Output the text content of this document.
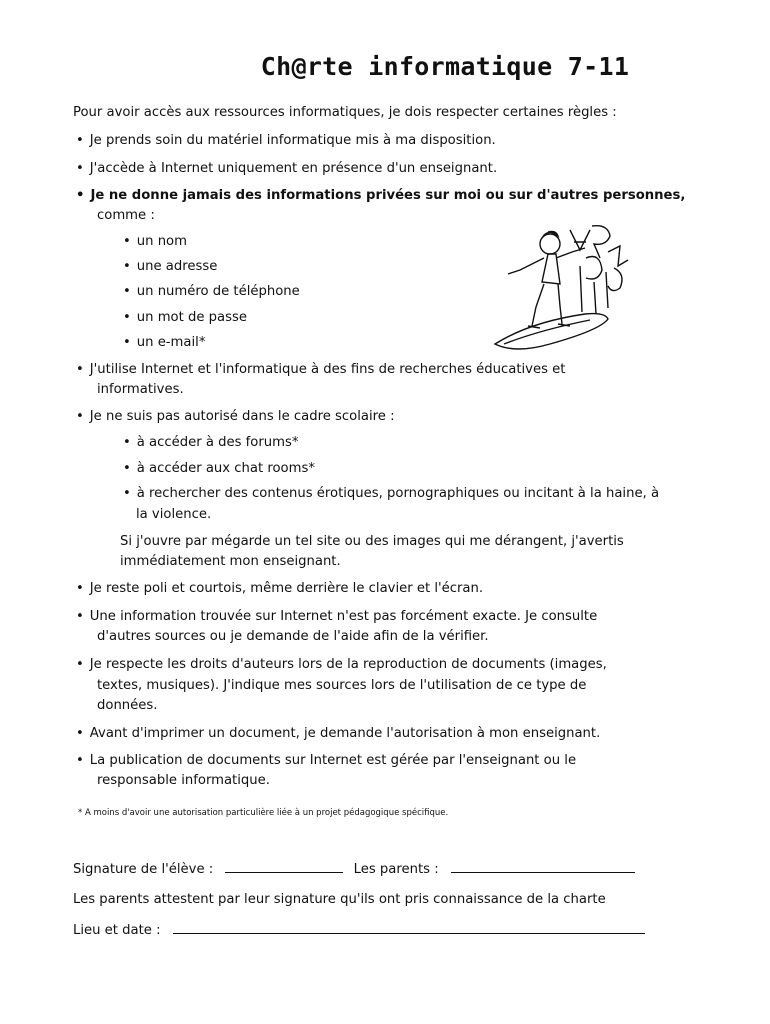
Ch@rte informatique 7-11
Pour avoir accès aux ressources informatiques, je dois respecter certaines règles :
• Je prends soin du matériel informatique mis à ma disposition.
• J'accède à Internet uniquement en présence d'un enseignant.
• Je ne donne jamais des informations privées sur moi ou sur d'autres personnes,
comme :
• un nom
• une adresse
• un numéro de téléphone
• un mot de passe
• un e-mail*
• J'utilise Internet et l'informatique à des fins de recherches éducatives et
informatives.
• Je ne suis pas autorisé dans le cadre scolaire :
• à accéder à des forums*
• à accéder aux chat rooms*
• à rechercher des contenus érotiques, pornographiques ou incitant à la haine, à
la violence.
Si j'ouvre par mégarde un tel site ou des images qui me dérangent, j'avertis
immédiatement mon enseignant.
• Je reste poli et courtois, même derrière le clavier et l'écran.
• Une information trouvée sur Internet n'est pas forcément exacte. Je consulte
d'autres sources ou je demande de l'aide afin de la vérifier.
• Je respecte les droits d'auteurs lors de la reproduction de documents (images,
textes, musiques). J'indique mes sources lors de l'utilisation de ce type de
données.
• Avant d'imprimer un document, je demande l'autorisation à mon enseignant.
• La publication de documents sur Internet est gérée par l'enseignant ou le
responsable informatique.
* A moins d'avoir une autorisation particulière liée à un projet pédagogique spécifique.
Signature de l'élève :	Les parents :
Les parents attestent par leur signature qu'ils ont pris connaissance de la charte
Lieu et date :
